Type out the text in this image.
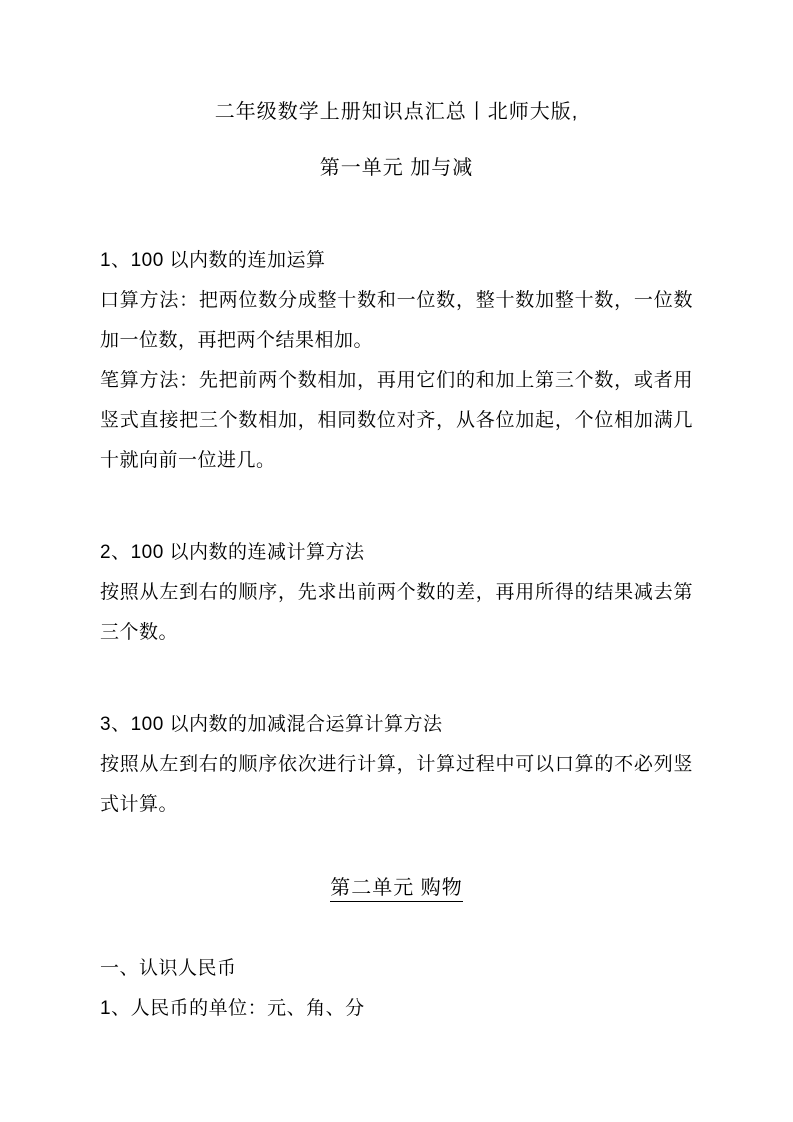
二年级数学上册知识点汇总丨北师大版,
第一单元 加与减

1、100 以内数的连加运算

口算方法：把两位数分成整十数和一位数，整十数加整十数，一位数加一位数，再把两个结果相加。

笔算方法：先把前两个数相加，再用它们的和加上第三个数，或者用竖式直接把三个数相加，相同数位对齐，从各位加起，个位相加满几十就向前一位进几。

2、100 以内数的连减计算方法

按照从左到右的顺序，先求出前两个数的差，再用所得的结果减去第三个数。

3、100 以内数的加减混合运算计算方法

按照从左到右的顺序依次进行计算，计算过程中可以口算的不必列竖式计算。

第二单元 购物

一、认识人民币

1、人民币的单位：元、角、分
